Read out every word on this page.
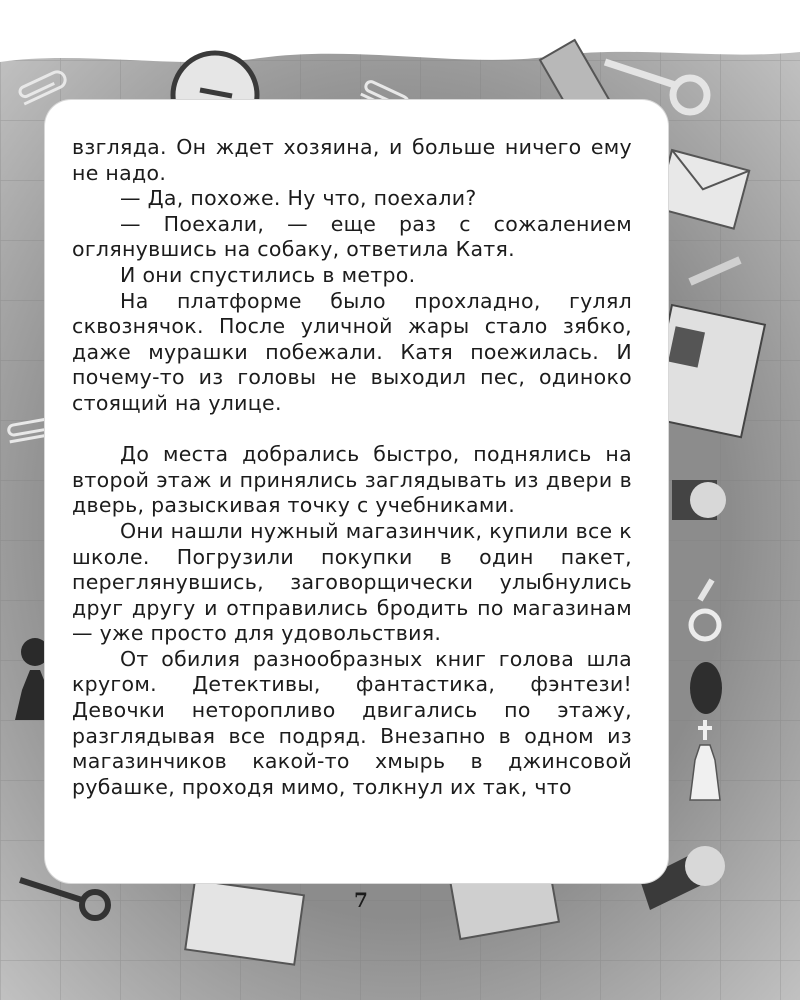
взгляда. Он ждет хозяина, и больше ничего ему не надо.

— Да, похоже. Ну что, поехали?

— Поехали, — еще раз с сожалением оглянувшись на собаку, ответила Катя.

И они спустились в метро.

На платформе было прохладно, гулял сквознячок. После уличной жары стало зябко, даже мурашки побежали. Катя поежилась. И почему-то из головы не выходил пес, одиноко стоящий на улице.

До места добрались быстро, поднялись на второй этаж и принялись заглядывать из двери в дверь, разыскивая точку с учебниками.

Они нашли нужный магазинчик, купили все к школе. Погрузили покупки в один пакет, переглянувшись, заговорщически улыбнулись друг другу и отправились бродить по магазинам — уже просто для удовольствия.

От обилия разнообразных книг голова шла кругом. Детективы, фантастика, фэнтези! Девочки неторопливо двигались по этажу, разглядывая все подряд. Внезапно в одном из магазинчиков какой-то хмырь в джинсовой рубашке, проходя мимо, толкнул их так, что

7
